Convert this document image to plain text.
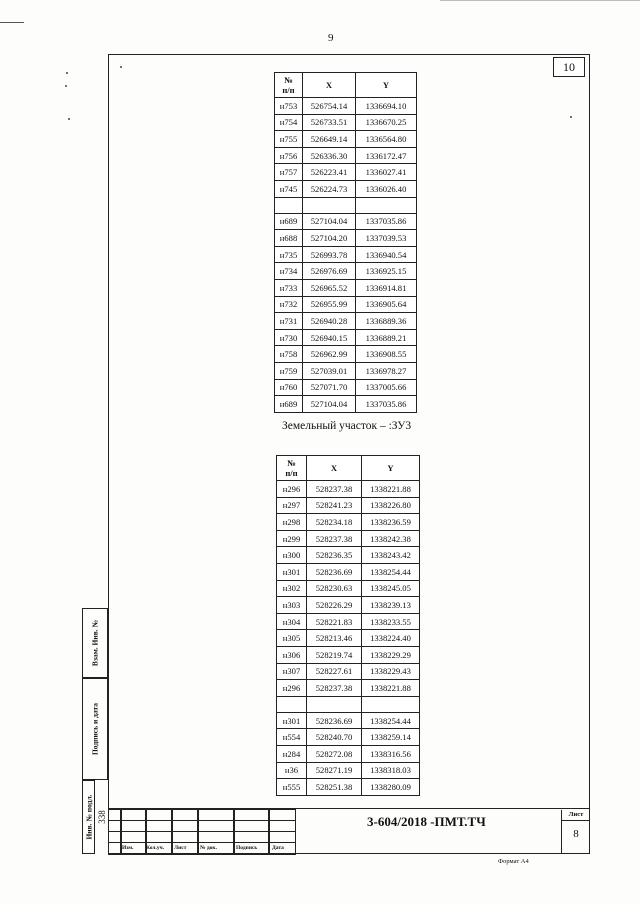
9
10
№
п/п	X	Y
н753	526754.14	1336694.10
н754	526733.51	1336670.25
н755	526649.14	1336564.80
н756	526336.30	1336172.47
н757	526223.41	1336027.41
н745	526224.73	1336026.40

н689	527104.04	1337035.86
н688	527104.20	1337039.53
н735	526993.78	1336940.54
н734	526976.69	1336925.15
н733	526965.52	1336914.81
н732	526955.99	1336905.64
н731	526940.28	1336889.36
н730	526940.15	1336889.21
н758	526962.99	1336908.55
н759	527039.01	1336978.27
н760	527071.70	1337005.66
н689	527104.04	1337035.86
Земельный участок – :ЗУ3
№
п/п	X	Y
н296	528237.38	1338221.88
н297	528241.23	1338226.80
н298	528234.18	1338236.59
н299	528237.38	1338242.38
н300	528236.35	1338243.42
н301	528236.69	1338254.44
н302	528230.63	1338245.05
н303	528226.29	1338239.13
н304	528221.83	1338233.55
н305	528213.46	1338224.40
н306	528219.74	1338229.29
н307	528227.61	1338229.43
н296	528237.38	1338221.88

н301	528236.69	1338254.44
н554	528240.70	1338259.14
н284	528272.08	1338316.56
н36	528271.19	1338318.03
н555	528251.38	1338280.09
Взам. Инв. №
Подпись и дата
Инв. № подл. 338
Изм. Кол.уч. Лист № док.	Подпись	Дата
3-604/2018 -ПМТ.ТЧ	Лист
8
Формат А4
